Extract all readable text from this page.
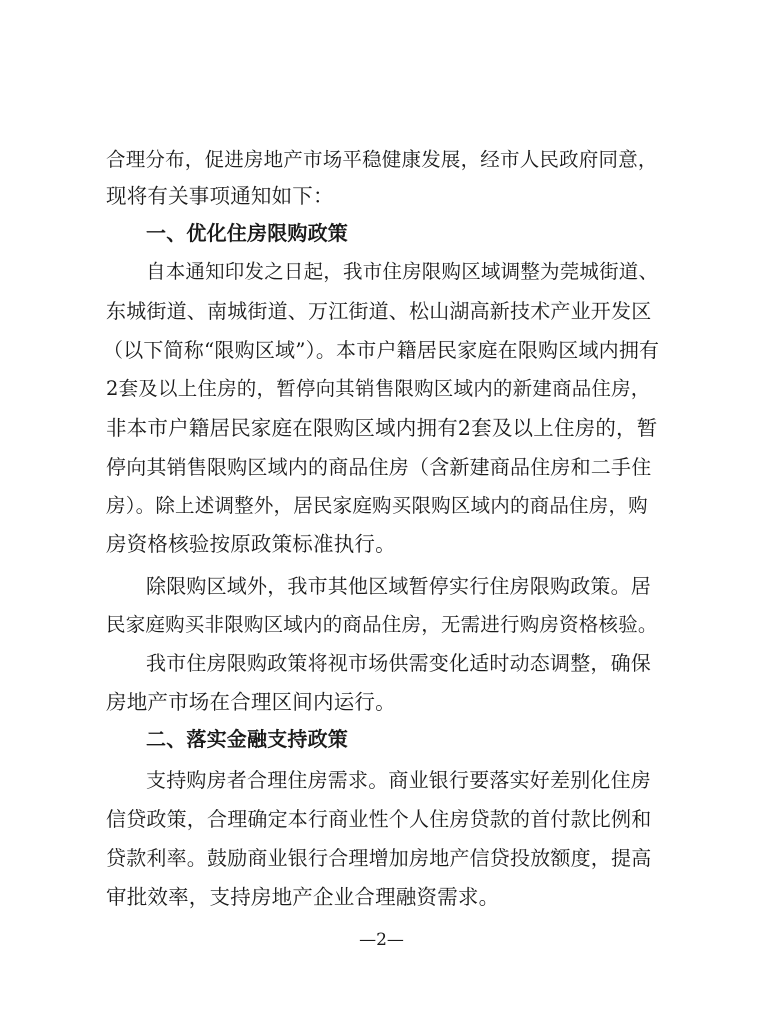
合理分布，促进房地产市场平稳健康发展，经市人民政府同意，
现将有关事项通知如下：
一、优化住房限购政策
自本通知印发之日起，我市住房限购区域调整为莞城街道、
东城街道、南城街道、万江街道、松山湖高新技术产业开发区
（以下简称“限购区域”）。本市户籍居民家庭在限购区域内拥有
2套及以上住房的，暂停向其销售限购区域内的新建商品住房，
非本市户籍居民家庭在限购区域内拥有2套及以上住房的，暂
停向其销售限购区域内的商品住房（含新建商品住房和二手住
房）。除上述调整外，居民家庭购买限购区域内的商品住房，购
房资格核验按原政策标准执行。
除限购区域外，我市其他区域暂停实行住房限购政策。居
民家庭购买非限购区域内的商品住房，无需进行购房资格核验。
我市住房限购政策将视市场供需变化适时动态调整，确保
房地产市场在合理区间内运行。
二、落实金融支持政策
支持购房者合理住房需求。商业银行要落实好差别化住房
信贷政策，合理确定本行商业性个人住房贷款的首付款比例和
贷款利率。鼓励商业银行合理增加房地产信贷投放额度，提高
审批效率，支持房地产企业合理融资需求。
—2—
